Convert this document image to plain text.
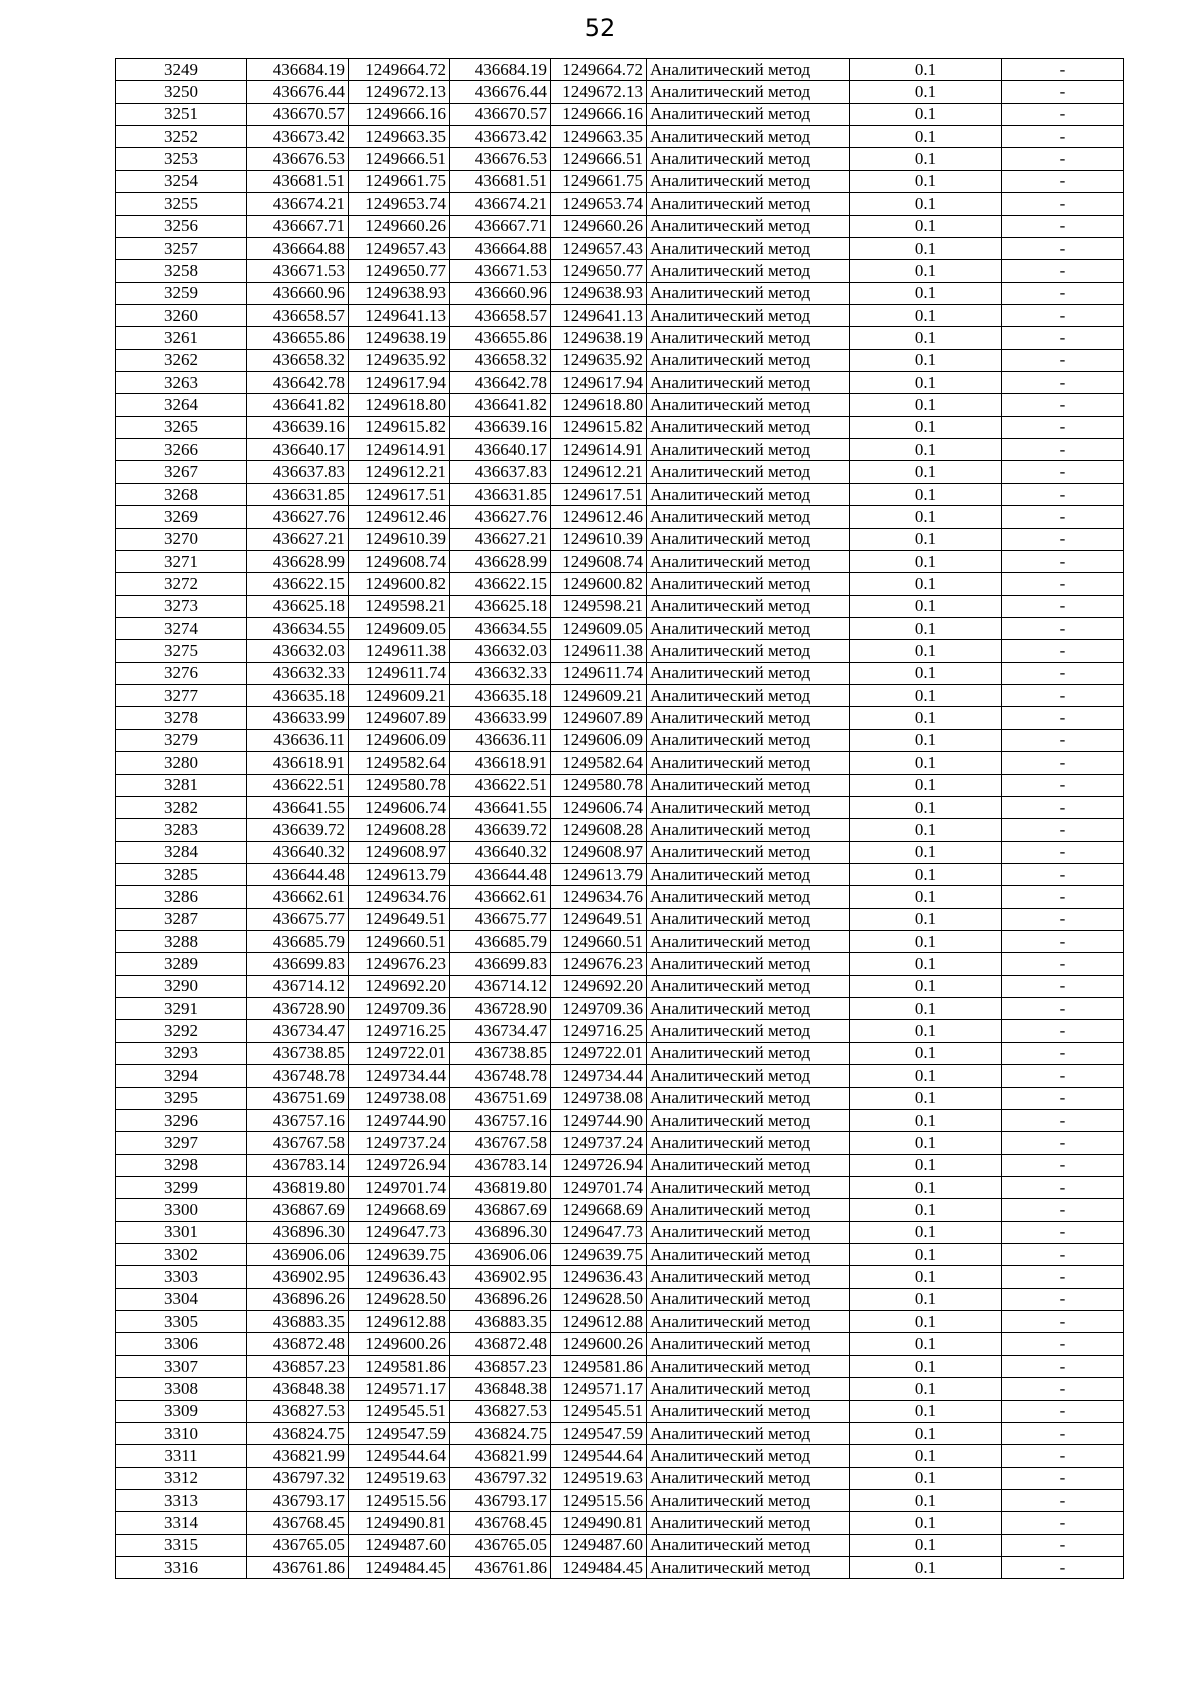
52
3249	436684.19	1249664.72	436684.19	1249664.72	Аналитический метод	0.1	-
3250	436676.44	1249672.13	436676.44	1249672.13	Аналитический метод	0.1	-
3251	436670.57	1249666.16	436670.57	1249666.16	Аналитический метод	0.1	-
3252	436673.42	1249663.35	436673.42	1249663.35	Аналитический метод	0.1	-
3253	436676.53	1249666.51	436676.53	1249666.51	Аналитический метод	0.1	-
3254	436681.51	1249661.75	436681.51	1249661.75	Аналитический метод	0.1	-
3255	436674.21	1249653.74	436674.21	1249653.74	Аналитический метод	0.1	-
3256	436667.71	1249660.26	436667.71	1249660.26	Аналитический метод	0.1	-
3257	436664.88	1249657.43	436664.88	1249657.43	Аналитический метод	0.1	-
3258	436671.53	1249650.77	436671.53	1249650.77	Аналитический метод	0.1	-
3259	436660.96	1249638.93	436660.96	1249638.93	Аналитический метод	0.1	-
3260	436658.57	1249641.13	436658.57	1249641.13	Аналитический метод	0.1	-
3261	436655.86	1249638.19	436655.86	1249638.19	Аналитический метод	0.1	-
3262	436658.32	1249635.92	436658.32	1249635.92	Аналитический метод	0.1	-
3263	436642.78	1249617.94	436642.78	1249617.94	Аналитический метод	0.1	-
3264	436641.82	1249618.80	436641.82	1249618.80	Аналитический метод	0.1	-
3265	436639.16	1249615.82	436639.16	1249615.82	Аналитический метод	0.1	-
3266	436640.17	1249614.91	436640.17	1249614.91	Аналитический метод	0.1	-
3267	436637.83	1249612.21	436637.83	1249612.21	Аналитический метод	0.1	-
3268	436631.85	1249617.51	436631.85	1249617.51	Аналитический метод	0.1	-
3269	436627.76	1249612.46	436627.76	1249612.46	Аналитический метод	0.1	-
3270	436627.21	1249610.39	436627.21	1249610.39	Аналитический метод	0.1	-
3271	436628.99	1249608.74	436628.99	1249608.74	Аналитический метод	0.1	-
3272	436622.15	1249600.82	436622.15	1249600.82	Аналитический метод	0.1	-
3273	436625.18	1249598.21	436625.18	1249598.21	Аналитический метод	0.1	-
3274	436634.55	1249609.05	436634.55	1249609.05	Аналитический метод	0.1	-
3275	436632.03	1249611.38	436632.03	1249611.38	Аналитический метод	0.1	-
3276	436632.33	1249611.74	436632.33	1249611.74	Аналитический метод	0.1	-
3277	436635.18	1249609.21	436635.18	1249609.21	Аналитический метод	0.1	-
3278	436633.99	1249607.89	436633.99	1249607.89	Аналитический метод	0.1	-
3279	436636.11	1249606.09	436636.11	1249606.09	Аналитический метод	0.1	-
3280	436618.91	1249582.64	436618.91	1249582.64	Аналитический метод	0.1	-
3281	436622.51	1249580.78	436622.51	1249580.78	Аналитический метод	0.1	-
3282	436641.55	1249606.74	436641.55	1249606.74	Аналитический метод	0.1	-
3283	436639.72	1249608.28	436639.72	1249608.28	Аналитический метод	0.1	-
3284	436640.32	1249608.97	436640.32	1249608.97	Аналитический метод	0.1	-
3285	436644.48	1249613.79	436644.48	1249613.79	Аналитический метод	0.1	-
3286	436662.61	1249634.76	436662.61	1249634.76	Аналитический метод	0.1	-
3287	436675.77	1249649.51	436675.77	1249649.51	Аналитический метод	0.1	-
3288	436685.79	1249660.51	436685.79	1249660.51	Аналитический метод	0.1	-
3289	436699.83	1249676.23	436699.83	1249676.23	Аналитический метод	0.1	-
3290	436714.12	1249692.20	436714.12	1249692.20	Аналитический метод	0.1	-
3291	436728.90	1249709.36	436728.90	1249709.36	Аналитический метод	0.1	-
3292	436734.47	1249716.25	436734.47	1249716.25	Аналитический метод	0.1	-
3293	436738.85	1249722.01	436738.85	1249722.01	Аналитический метод	0.1	-
3294	436748.78	1249734.44	436748.78	1249734.44	Аналитический метод	0.1	-
3295	436751.69	1249738.08	436751.69	1249738.08	Аналитический метод	0.1	-
3296	436757.16	1249744.90	436757.16	1249744.90	Аналитический метод	0.1	-
3297	436767.58	1249737.24	436767.58	1249737.24	Аналитический метод	0.1	-
3298	436783.14	1249726.94	436783.14	1249726.94	Аналитический метод	0.1	-
3299	436819.80	1249701.74	436819.80	1249701.74	Аналитический метод	0.1	-
3300	436867.69	1249668.69	436867.69	1249668.69	Аналитический метод	0.1	-
3301	436896.30	1249647.73	436896.30	1249647.73	Аналитический метод	0.1	-
3302	436906.06	1249639.75	436906.06	1249639.75	Аналитический метод	0.1	-
3303	436902.95	1249636.43	436902.95	1249636.43	Аналитический метод	0.1	-
3304	436896.26	1249628.50	436896.26	1249628.50	Аналитический метод	0.1	-
3305	436883.35	1249612.88	436883.35	1249612.88	Аналитический метод	0.1	-
3306	436872.48	1249600.26	436872.48	1249600.26	Аналитический метод	0.1	-
3307	436857.23	1249581.86	436857.23	1249581.86	Аналитический метод	0.1	-
3308	436848.38	1249571.17	436848.38	1249571.17	Аналитический метод	0.1	-
3309	436827.53	1249545.51	436827.53	1249545.51	Аналитический метод	0.1	-
3310	436824.75	1249547.59	436824.75	1249547.59	Аналитический метод	0.1	-
3311	436821.99	1249544.64	436821.99	1249544.64	Аналитический метод	0.1	-
3312	436797.32	1249519.63	436797.32	1249519.63	Аналитический метод	0.1	-
3313	436793.17	1249515.56	436793.17	1249515.56	Аналитический метод	0.1	-
3314	436768.45	1249490.81	436768.45	1249490.81	Аналитический метод	0.1	-
3315	436765.05	1249487.60	436765.05	1249487.60	Аналитический метод	0.1	-
3316	436761.86	1249484.45	436761.86	1249484.45	Аналитический метод	0.1	-
